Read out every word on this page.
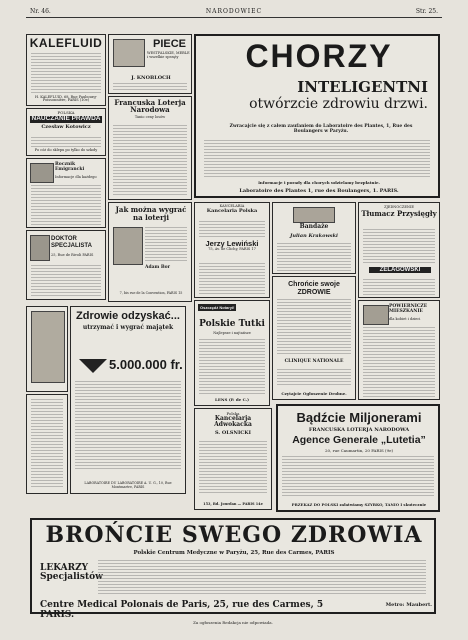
Nr. 46.	NARODOWIEC	Str. 25.
KALEFLUID
H. KALEFLUID, 68, Rue Faubourg-Poissonnière, PARIS (10e)
POLSKA
NAUCZANIE PRAWDA
Czesław Kotowicz
Po cóż do sklepu po tylko do szkoły
Rocznik Emigrancki
Informacje dla każdego
DOKTOR SPECJALISTA
25, Rue de Rivoli PARIS
PIECE
WESTFALSKIE, MEBLE i wszelkie sprzęty
J. KNOBLOCH
Francuska Loterja Narodowa
Tanio ceny losów
Jak można wygrać na loterji
Adam Bor
7, bis rue de la Convention, PARIS 15
Zdrowie odzyskać...
utrzymać i wygrać majątek
5.000.000 fr.
LABORATOIRE DU LABORATOIRE A. U. G., 10, Rue Montmartre, PARIS
CHORZY
INTELIGENTNI
otwórzcie zdrowiu drzwi.
Zwracajcie się z całem zaufaniem do Laboratoire des Plantes, 1, Rue des Boulangers w Paryżu.
Informacje i porady dla chorych udzielamy bezpłatnie.
Laboratoire des Plantes 1, rue des Boulangers, 1. PARIS.
KANCELARIA
Kancelaria Polska
Jerzy Lewiński
75, Av. de Clichy, PARIS 17
Bandaże
Julian Krakowski
ZJEDNOCZENIE
Tłumacz Przysięgły
ZELAGOWSKI
Oszczędź Notaryi!
Polskie Tutki
Najlepsze i najtańsze
LENS (P. de C.)
Chrońcie swoje ZDROWIE
CLINIQUE NATIONALE
Czytajcie Ogłoszenie Drobne.
POWIERNICZE MIESZKANIE
dla kobiet i dzieci
Polska
Kancelarja Adwokacka
S. OLSNICKI
153, Bd. Jourdan — PARIS 14e
Bądźcie Miljonerami
FRANCUSKA LOTERJA NARODOWA
Agence Generale „Lutetia”
20, rue Caumartin, 20 PARIS (9e)
PRZEKAZ DO POLSKI załatwiamy SZYBKO, TANIO I skutecznie
BROŃCIE SWEGO ZDROWIA
Polskie Centrum Medyczne w Paryżu, 25, Rue des Carmes, PARIS
LEKARZY Specjalistów
Centre Medical Polonais de Paris, 25, rue des Carmes, 5 PARIS.
Metro: Maubert.
Za ogłoszenia Redakcja nie odpowiada.
